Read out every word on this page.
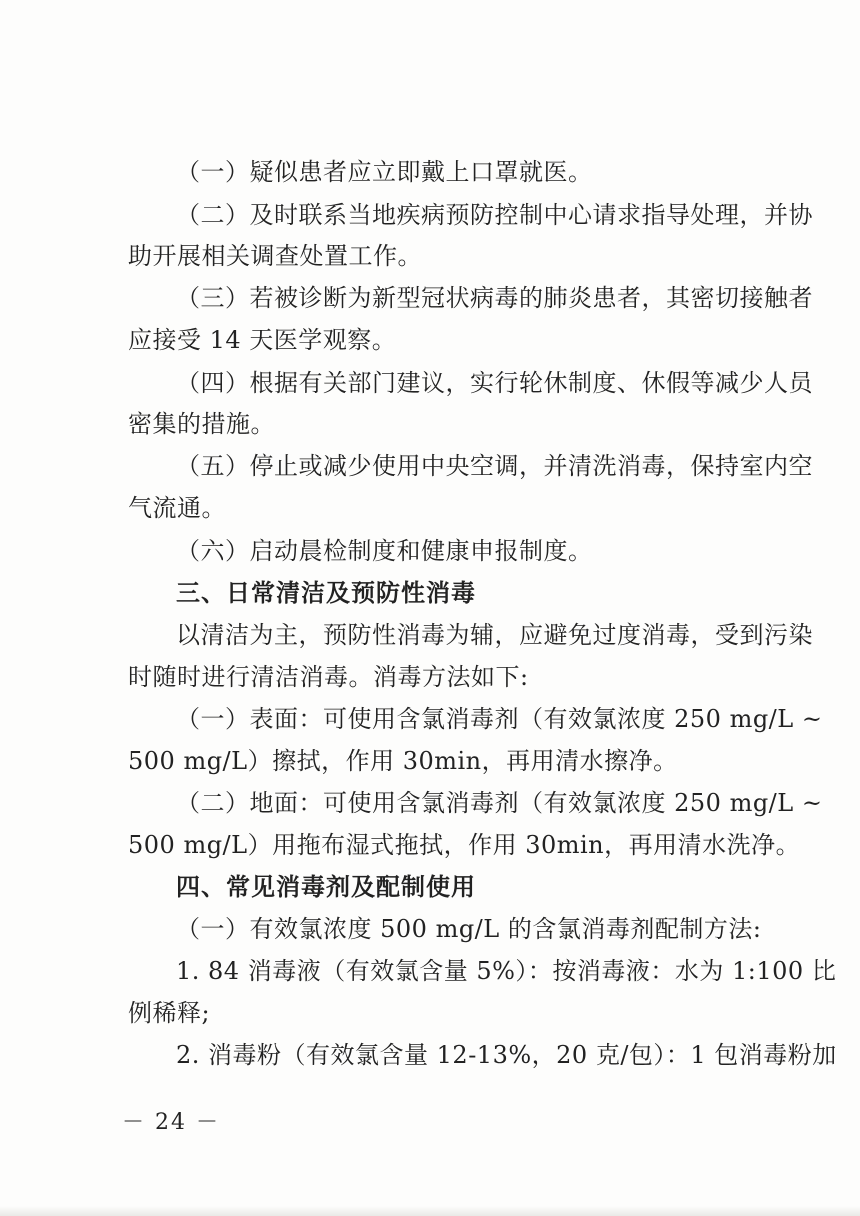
（一）疑似患者应立即戴上口罩就医。
（二）及时联系当地疾病预防控制中心请求指导处理，并协
助开展相关调查处置工作。
（三）若被诊断为新型冠状病毒的肺炎患者，其密切接触者
应接受 14 天医学观察。
（四）根据有关部门建议，实行轮休制度、休假等减少人员
密集的措施。
（五）停止或减少使用中央空调，并清洗消毒，保持室内空
气流通。
（六）启动晨检制度和健康申报制度。
三、日常清洁及预防性消毒
以清洁为主，预防性消毒为辅，应避免过度消毒，受到污染
时随时进行清洁消毒。消毒方法如下:
（一）表面：可使用含氯消毒剂（有效氯浓度 250 mg/L ~
500 mg/L）擦拭，作用 30min，再用清水擦净。
（二）地面：可使用含氯消毒剂（有效氯浓度 250 mg/L ~
500 mg/L）用拖布湿式拖拭，作用 30min，再用清水洗净。
四、常见消毒剂及配制使用
（一）有效氯浓度 500 mg/L 的含氯消毒剂配制方法:
1. 84 消毒液（有效氯含量 5%）：按消毒液：水为 1:100 比
例稀释;
2. 消毒粉（有效氯含量 12-13%，20 克/包）：1 包消毒粉加
－ 24 －
